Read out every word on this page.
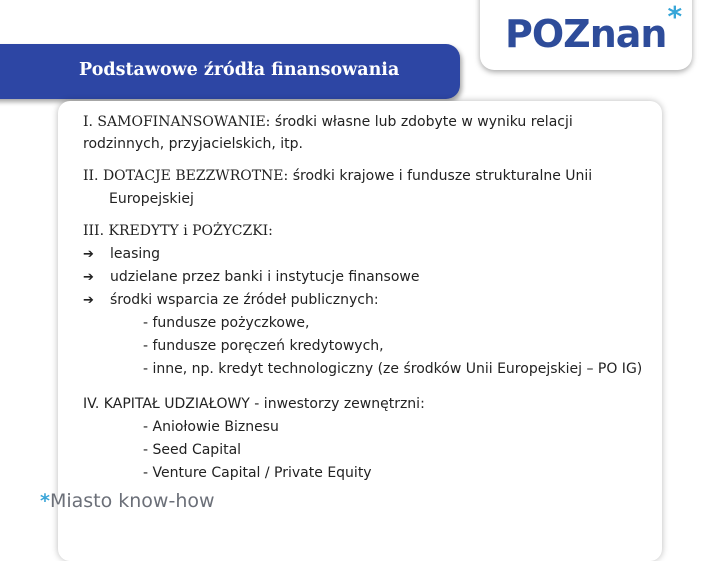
POZnan *
Podstawowe źródła finansowania

I. SAMOFINANSOWANIE: środki własne lub zdobyte w wyniku relacji
rodzinnych, przyjacielskich, itp.

II. DOTACJE BEZZWROTNE: środki krajowe i fundusze strukturalne Unii
Europejskiej

III. KREDYTY i POŻYCZKI:

➔ leasing
➔ udzielane przez banki i instytucje finansowe
➔ środki wsparcia ze źródeł publicznych:
- fundusze pożyczkowe,
- fundusze poręczeń kredytowych,
- inne, np. kredyt technologiczny (ze środków Unii Europejskiej – PO IG)

IV. KAPITAŁ UDZIAŁOWY - inwestorzy zewnętrzni:

- Aniołowie Biznesu
- Seed Capital
- Venture Capital / Private Equity
*Miasto know-how
